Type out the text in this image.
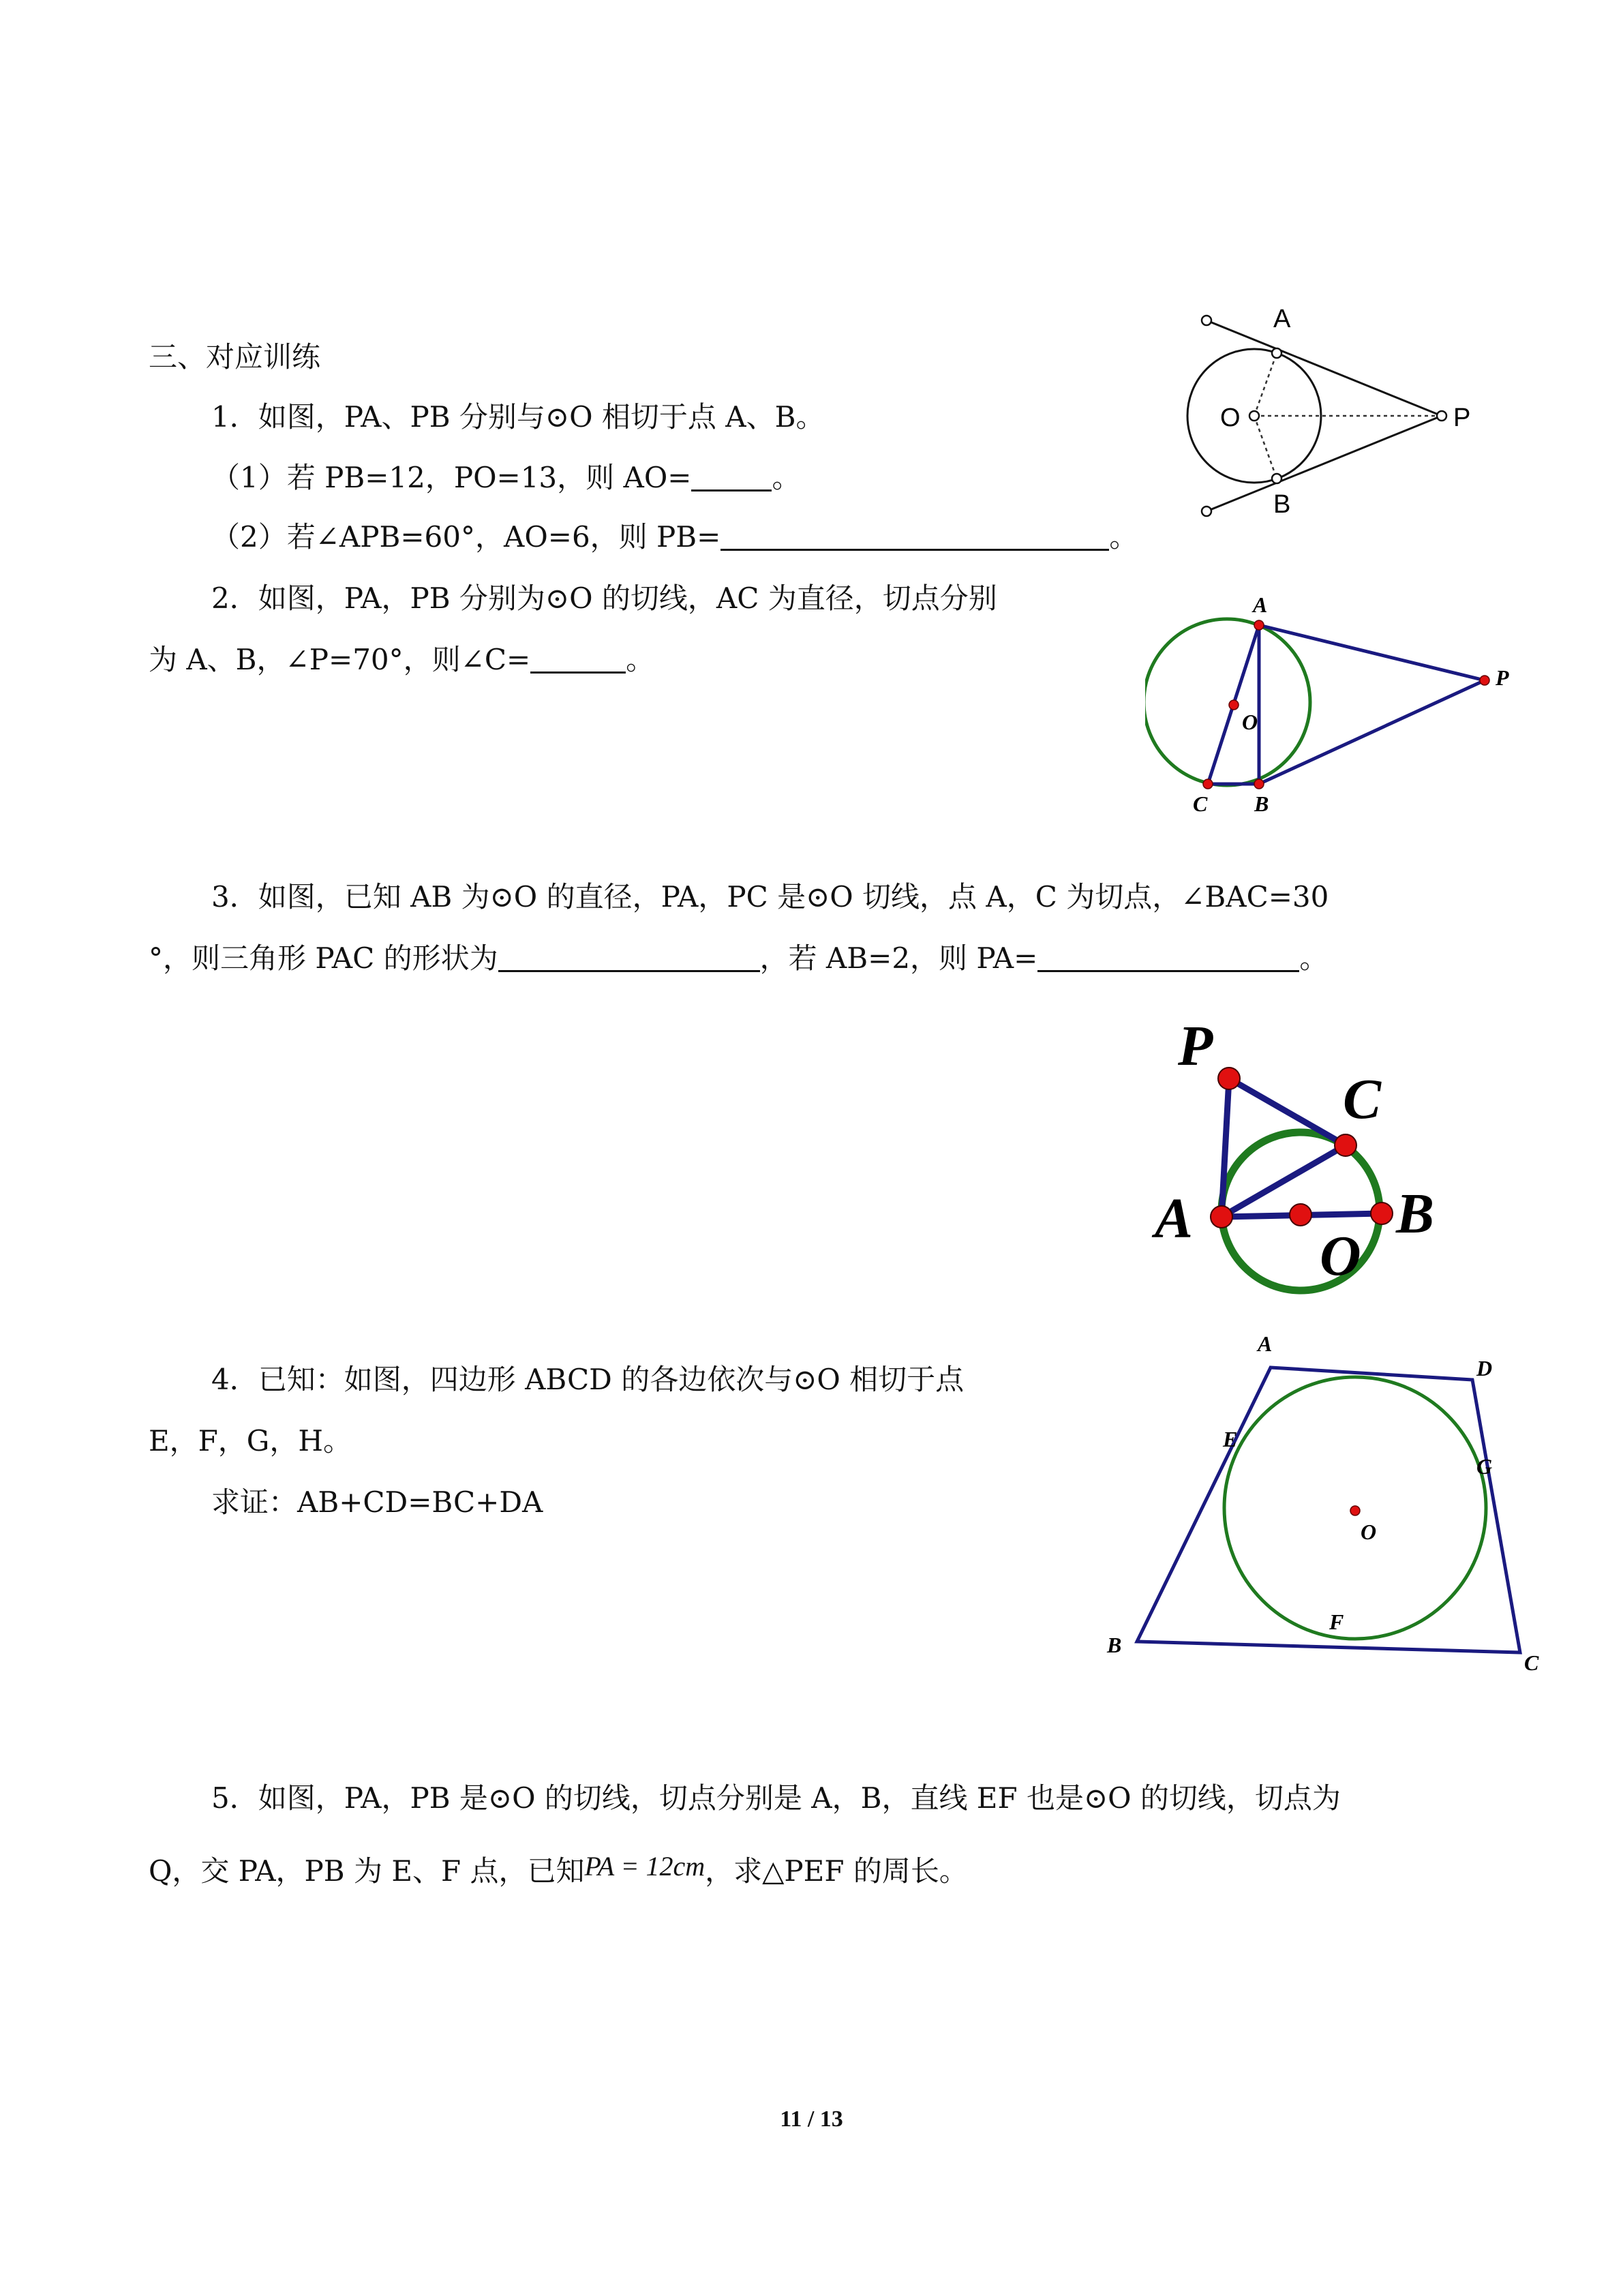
三、对应训练
1．如图，PA、PB 分别与⊙O 相切于点 A、B。
（1）若 PB=12，PO=13，则 AO=	。
（2）若∠APB=60°，AO=6，则 PB=	。
A
B
O	P
2．如图，PA，PB 分别为⊙O 的切线，AC 为直径，切点分别
为 A、B，∠P=70°，则∠C=	。
A
C B
O
P
3．如图，已知 AB 为⊙O 的直径，PA，PC 是⊙O 切线，点 A，C 为切点，∠BAC=30
°，则三角形 PAC 的形状为	，若 AB=2，则 PA=	。
P
C
A	B
O
4．已知：如图，四边形 ABCD 的各边依次与⊙O 相切于点
E，F，G，H。
求证：AB+CD=BC+DA
A
D
E
G
O
F
B
C
5．如图，PA，PB 是⊙O 的切线，切点分别是 A，B，直线 EF 也是⊙O 的切线，切点为
Q，交 PA，PB 为 E、F 点，已知PA = 12cm，求△PEF 的周长。
11 / 13
